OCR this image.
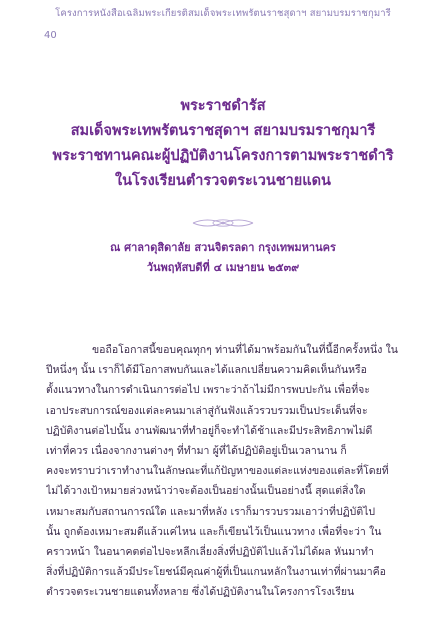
โครงการหนังสือเฉลิมพระเกียรติสมเด็จพระเทพรัตนราชสุดาฯ สยามบรมราชกุมารี
40
พระราชดำรัส
สมเด็จพระเทพรัตนราชสุดาฯ สยามบรมราชกุมารี
พระราชทานคณะผู้ปฏิบัติงานโครงการตามพระราชดำริ
ในโรงเรียนตำรวจตระเวนชายแดน
ณ ศาลาดุสิดาลัย สวนจิตรลดา กรุงเทพมหานคร
วันพฤหัสบดีที่ ๔ เมษายน ๒๕๓๙
ขอถือโอกาสนี้ขอบคุณทุกๆ ท่านที่ได้มาพร้อมกันในที่นี้อีกครั้งหนึ่ง ใน
ปีหนึ่งๆ นั้น เราก็ได้มีโอกาสพบกันและได้แลกเปลี่ยนความคิดเห็นกันหรือ
ตั้งแนวทางในการดำเนินการต่อไป เพราะว่าถ้าไม่มีการพบปะกัน เพื่อที่จะ
เอาประสบการณ์ของแต่ละคนมาเล่าสู่กันฟังแล้วรวบรวมเป็นประเด็นที่จะ
ปฏิบัติงานต่อไปนั้น งานพัฒนาที่ทำอยู่ก็จะทำได้ช้าและมีประสิทธิภาพไม่ดี
เท่าที่ควร เนื่องจากงานต่างๆ ที่ทำมา ผู้ที่ได้ปฏิบัติอยู่เป็นเวลานาน ก็
คงจะทราบว่าเราทำงานในลักษณะที่แก้ปัญหาของแต่ละแห่งของแต่ละที่โดยที่
ไม่ได้วางเป้าหมายล่วงหน้าว่าจะต้องเป็นอย่างนั้นเป็นอย่างนี้ สุดแต่สิ่งใด
เหมาะสมกับสถานการณ์ใด และมาที่หลัง เราก็มารวบรวมเอาว่าที่ปฏิบัติไป
นั้น ถูกต้องเหมาะสมดีแล้วแค่ไหน และก็เขียนไว้เป็นแนวทาง เพื่อที่จะว่า ใน
คราวหน้า ในอนาคตต่อไปจะหลีกเลี่ยงสิ่งที่ปฏิบัติไปแล้วไม่ได้ผล หันมาทำ
สิ่งที่ปฏิบัติการแล้วมีประโยชน์มีคุณค่าผู้ที่เป็นแกนหลักในงานเท่าที่ผ่านมาคือ
ตำรวจตระเวนชายแดนทั้งหลาย ซึ่งได้ปฏิบัติงานในโครงการโรงเรียน
